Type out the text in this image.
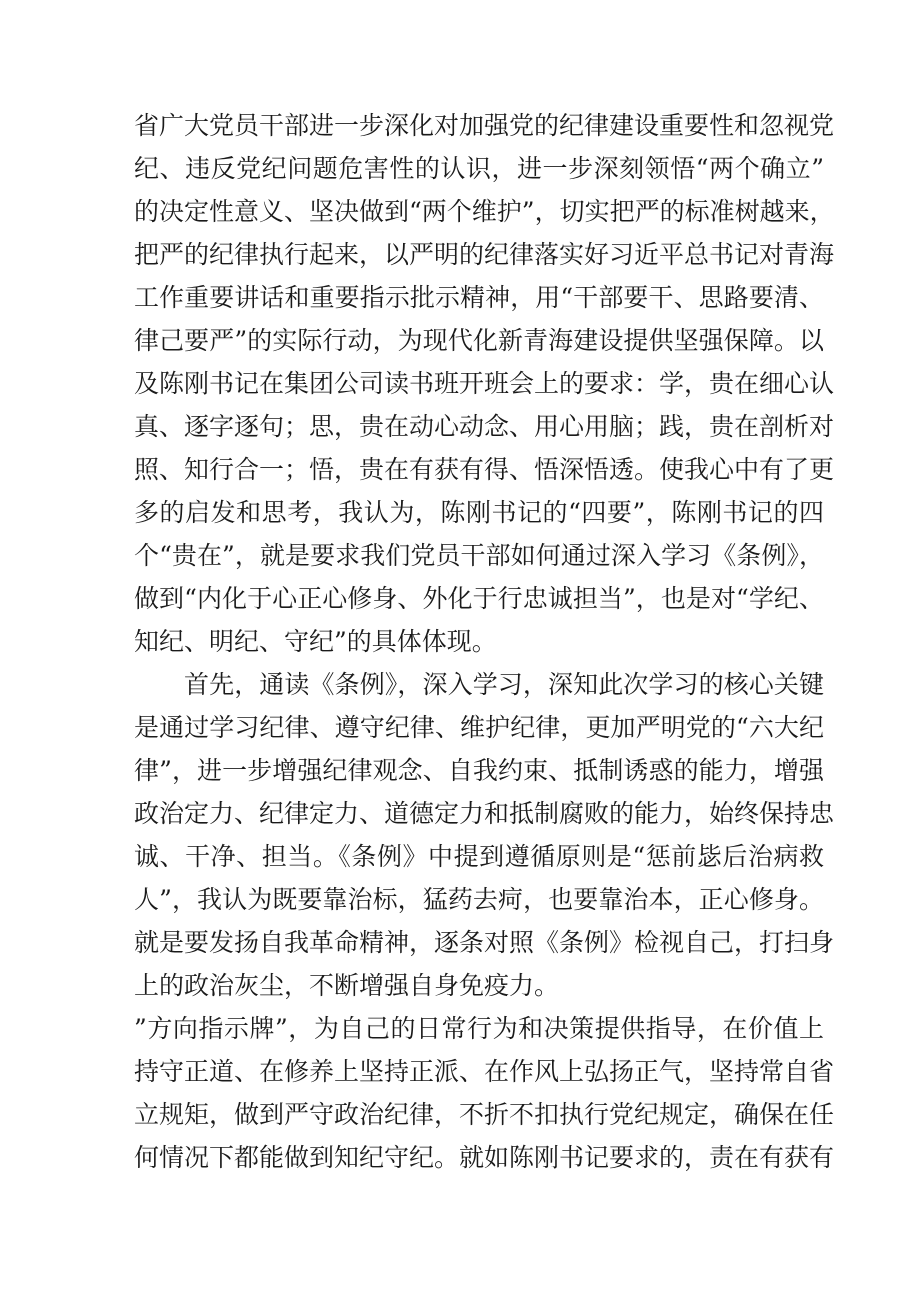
省广大党员干部进一步深化对加强党的纪律建设重要性和忽视党
纪、违反党纪问题危害性的认识，进一步深刻领悟“两个确立”
的决定性意义、坚决做到“两个维护”，切实把严的标准树越来，
把严的纪律执行起来，以严明的纪律落实好习近平总书记对青海
工作重要讲话和重要指示批示精神，用“干部要干、思路要清、
律己要严”的实际行动，为现代化新青海建设提供坚强保障。以
及陈刚书记在集团公司读书班开班会上的要求：学，贵在细心认
真、逐字逐句；思，贵在动心动念、用心用脑；践，贵在剖析对
照、知行合一；悟，贵在有获有得、悟深悟透。使我心中有了更
多的启发和思考，我认为，陈刚书记的“四要”，陈刚书记的四
个“贵在”，就是要求我们党员干部如何通过深入学习《条例》，
做到“内化于心正心修身、外化于行忠诚担当”，也是对“学纪、
知纪、明纪、守纪”的具体体现。
首先，通读《条例》，深入学习，深知此次学习的核心关键
是通过学习纪律、遵守纪律、维护纪律，更加严明党的“六大纪
律”，进一步增强纪律观念、自我约束、抵制诱惑的能力，增强
政治定力、纪律定力、道德定力和抵制腐败的能力，始终保持忠
诚、干净、担当。《条例》中提到遵循原则是“惩前毖后治病救
人”，我认为既要靠治标，猛药去疴，也要靠治本，正心修身。
就是要发扬自我革命精神，逐条对照《条例》检视自己，打扫身
上的政治灰尘，不断增强自身免疫力。
”方向指示牌”，为自己的日常行为和决策提供指导，在价值上
持守正道、在修养上坚持正派、在作风上弘扬正气，坚持常自省
立规矩，做到严守政治纪律，不折不扣执行党纪规定，确保在任
何情况下都能做到知纪守纪。就如陈刚书记要求的，责在有获有
